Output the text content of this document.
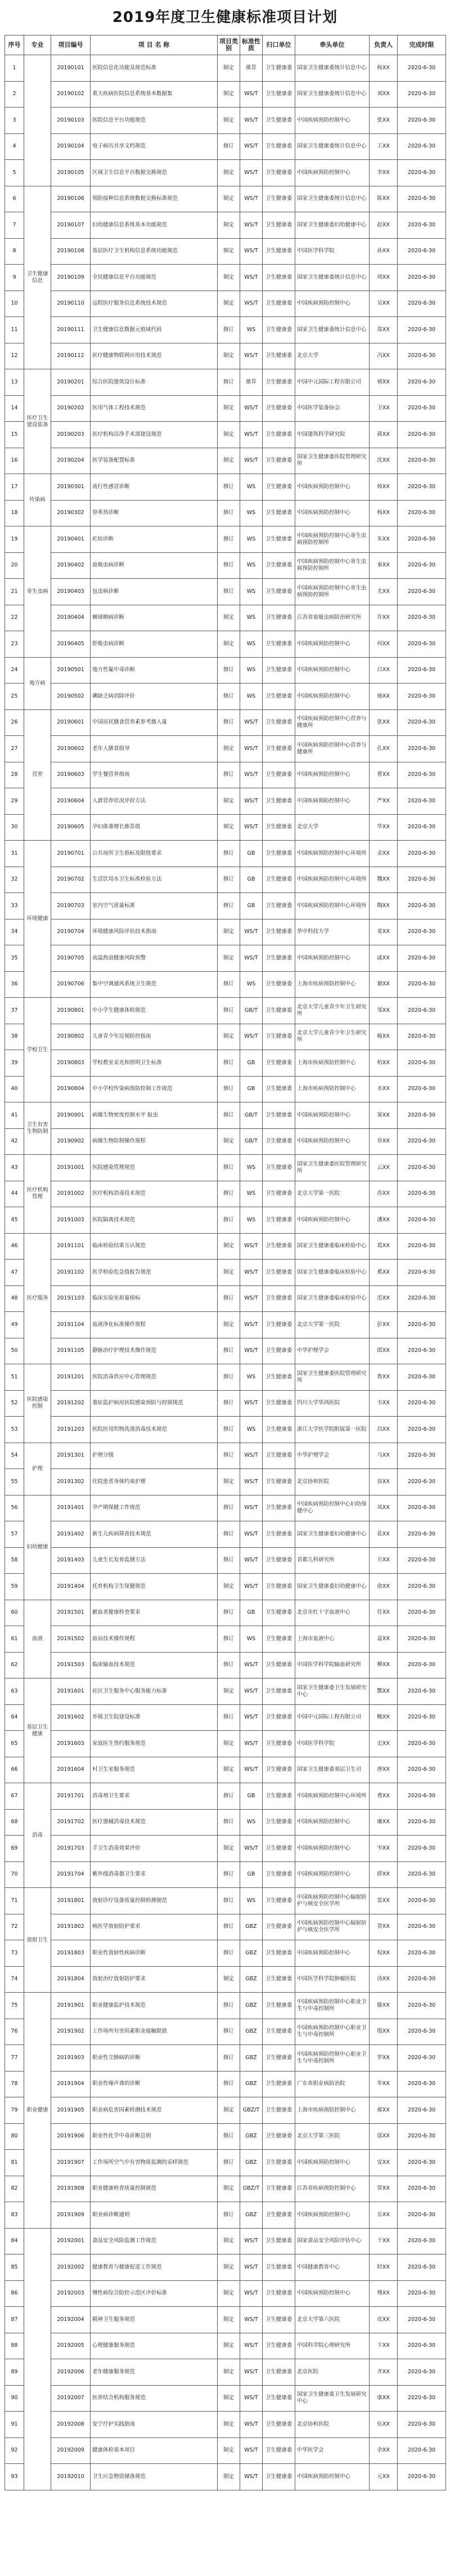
2019年度卫生健康标准项目计划
序号	专业	项目编号	项 目 名 称	项目类别	标准性质	归口单位	牵头单位	负责人	完成时限
1		20190101	医院信息化功能及规范标准	制定	推荐	卫生健康委	国家卫生健康委统计信息中心	杨XX	2020-6-30
2		20190102	重大疾病医院信息系统基本数据集	制定	WS/T	卫生健康委	国家卫生健康委统计信息中心	刘XX	2020-6-30
3		20190103	医院信息平台功能规范	制定	WS/T	卫生健康委	中国疾病预防控制中心	张XX	2020-6-30
4		20190104	电子病历共享文档规范	修订	WS/T	卫生健康委	国家卫生健康委统计信息中心	王XX	2020-6-30
5		20190105	区域卫生信息平台数据交换规范	制定	WS/T	卫生健康委	中国疾病预防控制中心	李XX	2020-6-30
6	卫生健康信息	20190106	预防接种信息系统数据交换标准规范	制定	WS/T	卫生健康委	国家卫生健康委统计信息中心	陈XX	2020-6-30
7		20190107	妇幼健康信息系统基本功能规范	制定	WS/T	卫生健康委	国家卫生健康委妇幼健康中心	赵XX	2020-6-30
8		20190108	基层医疗卫生机构信息系统功能规范	制定	WS/T	卫生健康委	中国医学科学院	孙XX	2020-6-30
9		20190109	全民健康信息平台功能规范	制定	WS/T	卫生健康委	国家卫生健康委统计信息中心	周XX	2020-6-30
10		20190110	远程医疗服务信息系统技术规范	制定	WS/T	卫生健康委	中国疾病预防控制中心	吴XX	2020-6-30
11		20190111	卫生健康信息数据元值域代码	修订	WS	卫生健康委	国家卫生健康委统计信息中心	郑XX	2020-6-30
12		20190112	医疗健康物联网应用技术规范	制定	WS/T	卫生健康委	北京大学	冯XX	2020-6-30
13	医疗卫生建设装备	20190201	综合医院建筑设计标准	修订	推荐	卫生健康委	中国中元国际工程有限公司	褚XX	2020-6-30
14		20190202	医用气体工程技术规范	制定	WS/T	卫生健康委	中国医学装备协会	卫XX	2020-6-30
15		20190203	医疗机构洁净手术部建设规范	制定	WS/T	卫生健康委	中国建筑科学研究院	蒋XX	2020-6-30
16		20190204	医学装备配置标准	制定	WS/T	卫生健康委	国家卫生健康委医院管理研究所	沈XX	2020-6-30
17	传染病	20190301	流行性感冒诊断	修订	WS	卫生健康委	中国疾病预防控制中心	韩XX	2020-6-30
18		20190302	登革热诊断	修订	WS	卫生健康委	中国疾病预防控制中心	杨XX	2020-6-30
19	寄生虫病	20190401	疟疾诊断	修订	WS	卫生健康委	中国疾病预防控制中心寄生虫病预防控制所	朱XX	2020-6-30
20		20190402	血吸虫病诊断	修订	WS	卫生健康委	中国疾病预防控制中心寄生虫病预防控制所	秦XX	2020-6-30
21		20190403	包虫病诊断	修订	WS	卫生健康委	中国疾病预防控制中心寄生虫病预防控制所	尤XX	2020-6-30
22		20190404	棘球蚴病诊断	制定	WS	卫生健康委	江苏省血吸虫病防治研究所	许XX	2020-6-30
23		20190405	肝吸虫病诊断	制定	WS	卫生健康委	中国疾病预防控制中心	何XX	2020-6-30
24	地方病	20190501	地方性氟中毒诊断	修订	WS	卫生健康委	中国疾病预防控制中心	吕XX	2020-6-30
25		20190502	碘缺乏病消除评价	修订	WS	卫生健康委	中国疾病预防控制中心	施XX	2020-6-30
26	营养	20190601	中国居民膳食营养素参考摄入量	修订	WS/T	卫生健康委	中国疾病预防控制中心营养与健康所	张XX	2020-6-30
27		20190602	老年人膳食指导	制定	WS/T	卫生健康委	中国疾病预防控制中心营养与健康所	孔XX	2020-6-30
28		20190603	学生餐营养指南	修订	WS/T	卫生健康委	中国疾病预防控制中心	曹XX	2020-6-30
29		20190604	人群营养状况评价方法	制定	WS/T	卫生健康委	中国疾病预防控制中心	严XX	2020-6-30
30		20190605	孕妇体重增长推荐值	制定	WS/T	卫生健康委	北京大学	华XX	2020-6-30
31	环境健康	20190701	公共场所卫生指标及限值要求	修订	GB	卫生健康委	中国疾病预防控制中心环境所	金XX	2020-6-30
32		20190702	生活饮用水卫生标准检验方法	修订	GB	卫生健康委	中国疾病预防控制中心环境所	魏XX	2020-6-30
33		20190703	室内空气质量标准	修订	GB	卫生健康委	中国疾病预防控制中心环境所	陶XX	2020-6-30
34		20190704	环境健康风险评估技术指南	制定	WS/T	卫生健康委	华中科技大学	姜XX	2020-6-30
35		20190705	高温热浪健康风险预警	制定	WS/T	卫生健康委	中国疾病预防控制中心	戚XX	2020-6-30
36		20190706	集中空调通风系统卫生规范	修订	WS	卫生健康委	上海市疾病预防控制中心	谢XX	2020-6-30
37	学校卫生	20190801	中小学生健康体检规范	修订	GB/T	卫生健康委	北京大学儿童青少年卫生研究所	邹XX	2020-6-30
38		20190802	儿童青少年近视防控指南	制定	WS/T	卫生健康委	北京大学儿童青少年卫生研究所	喻XX	2020-6-30
39		20190803	学校教室采光和照明卫生标准	修订	GB	卫生健康委	上海市疾病预防控制中心	柏XX	2020-6-30
40		20190804	中小学校传染病预防控制工作规范	修订	GB	卫生健康委	上海市疾病预防控制中心	水XX	2020-6-30
41	卫生有害生物防制	20190901	病媒生物密度控制水平 蚊虫	修订	GB/T	卫生健康委	中国疾病预防控制中心	窦XX	2020-6-30
42		20190902	病媒生物防制操作规程	制定	GB/T	卫生健康委	中国疾病预防控制中心	章XX	2020-6-30
43	医疗机构管理	20191001	医院感染管理规范	修订	WS	卫生健康委	国家卫生健康委医院管理研究所	云XX	2020-6-30
44		20191002	医疗机构消毒技术规范	修订	WS	卫生健康委	北京大学第一医院	苏XX	2020-6-30
45		20191003	医院隔离技术规范	修订	WS	卫生健康委	中国疾病预防控制中心	潘XX	2020-6-30
46	医疗服务	20191101	临床检验结果互认规范	制定	WS/T	卫生健康委	国家卫生健康委临床检验中心	葛XX	2020-6-30
47		20191102	医学检验危急值报告规范	制定	WS/T	卫生健康委	国家卫生健康委临床检验中心	奚XX	2020-6-30
48		20191103	临床实验室质量指标	修订	WS/T	卫生健康委	国家卫生健康委临床检验中心	范XX	2020-6-30
49		20191104	血液净化标准操作规程	制定	WS/T	卫生健康委	北京大学第一医院	彭XX	2020-6-30
50		20191105	静脉治疗护理技术操作规范	修订	WS/T	卫生健康委	中华护理学会	郎XX	2020-6-30
51	医院感染控制	20191201	医院消毒供应中心管理规范	修订	WS	卫生健康委	国家卫生健康委医院管理研究所	鲁XX	2020-6-30
52		20191202	重症监护病房医院感染预防与控制规范	修订	WS/T	卫生健康委	四川大学华西医院	韦XX	2020-6-30
53		20191203	医院医用织物洗涤消毒技术规范	修订	WS	卫生健康委	浙江大学医学院附属第一医院	昌XX	2020-6-30
54	护理	20191301	护理分级	修订	WS/T	卫生健康委	中华护理学会	马XX	2020-6-30
55		20191302	住院患者身体约束护理	制定	WS/T	卫生健康委	北京协和医院	苗XX	2020-6-30
56	妇幼健康	20191401	孕产期保健工作规范	修订	WS/T	卫生健康委	中国疾病预防控制中心妇幼保健中心	凤XX	2020-6-30
57		20191402	新生儿疾病筛查技术规范	修订	WS/T	卫生健康委	国家卫生健康委妇幼健康中心	花XX	2020-6-30
58		20191403	儿童生长发育监测方法	修订	WS/T	卫生健康委	首都儿科研究所	方XX	2020-6-30
59		20191404	托育机构卫生保健规范	制定	WS/T	卫生健康委	国家卫生健康委妇幼健康中心	俞XX	2020-6-30
60	血液	20191501	献血者健康检查要求	修订	GB	卫生健康委	北京市红十字血液中心	任XX	2020-6-30
61		20191502	血站技术操作规程	修订	WS	卫生健康委	上海市血液中心	袁XX	2020-6-30
62		20191503	临床输血技术规范	修订	WS/T	卫生健康委	中国医学科学院输血研究所	柳XX	2020-6-30
63	基层卫生健康	20191601	社区卫生服务中心服务能力标准	制定	WS/T	卫生健康委	国家卫生健康委卫生发展研究中心	酆XX	2020-6-30
64		20191602	乡镇卫生院建设标准	修订	WS/T	卫生健康委	中国中元国际工程有限公司	鲍XX	2020-6-30
65		20191603	家庭医生签约服务规范	制定	WS/T	卫生健康委	中国医学科学院	史XX	2020-6-30
66		20191604	村卫生室服务规范	制定	WS/T	卫生健康委	国家卫生健康委基层卫生司	唐XX	2020-6-30
67	消毒	20191701	消毒剂卫生要求	修订	GB	卫生健康委	中国疾病预防控制中心环境所	费XX	2020-6-30
68		20191702	医疗器械消毒技术规范	修订	WS	卫生健康委	中国疾病预防控制中心	廉XX	2020-6-30
69		20191703	手卫生消毒效果评价	制定	WS/T	卫生健康委	中国疾病预防控制中心	岑XX	2020-6-30
70		20191704	紫外线消毒器卫生要求	修订	GB	卫生健康委	中国疾病预防控制中心	薛XX	2020-6-30
71	放射卫生	20191801	放射诊疗设备质量控制检测规范	修订	WS	卫生健康委	中国疾病预防控制中心辐射防护与核安全医学所	雷XX	2020-6-30
72		20191802	核医学放射防护要求	修订	GBZ	卫生健康委	中国疾病预防控制中心辐射防护与核安全医学所	贺XX	2020-6-30
73		20191803	职业性放射性疾病诊断	修订	GBZ	卫生健康委	中国疾病预防控制中心	倪XX	2020-6-30
74		20191804	放射治疗放射防护要求	制定	GBZ	卫生健康委	中国医学科学院肿瘤医院	汤XX	2020-6-30
75	职业健康	20191901	职业健康监护技术规范	修订	GBZ	卫生健康委	中国疾病预防控制中心职业卫生与中毒控制所	滕XX	2020-6-30
76		20191902	工作场所有害因素职业接触限值	修订	GBZ	卫生健康委	中国疾病预防控制中心职业卫生与中毒控制所	殷XX	2020-6-30
77		20191903	职业性尘肺病的诊断	修订	GBZ	卫生健康委	中国疾病预防控制中心职业卫生与中毒控制所	罗XX	2020-6-30
78		20191904	职业性噪声聋的诊断	修订	GBZ	卫生健康委	广东省职业病防治院	毕XX	2020-6-30
79		20191905	职业病危害因素检测技术规范	制定	GBZ/T	卫生健康委	上海市疾病预防控制中心	郝XX	2020-6-30
80		20191906	职业性化学中毒诊断总则	修订	GBZ	卫生健康委	北京大学第三医院	邬XX	2020-6-30
81		20191907	工作场所空气中有害物质监测的采样规范	修订	GBZ	卫生健康委	中国疾病预防控制中心	安XX	2020-6-30
82		20191908	职业健康检查质量控制规范	制定	GBZ/T	卫生健康委	江苏省疾病预防控制中心	常XX	2020-6-30
83		20191909	职业病诊断通则	修订	GBZ	卫生健康委	中国疾病预防控制中心	乐XX	2020-6-30
84		20192001	食品安全风险监测工作规范	制定	WS/T	卫生健康委	国家食品安全风险评估中心	于XX	2020-6-30
85		20192002	健康教育与健康促进工作规范	制定	WS/T	卫生健康委	中国健康教育中心	时XX	2020-6-30
86		20192003	慢性病综合防控示范区评价标准	制定	WS/T	卫生健康委	中国疾病预防控制中心	傅XX	2020-6-30
87		20192004	精神卫生服务规范	制定	WS/T	卫生健康委	北京大学第六医院	皮XX	2020-6-30
88		20192005	心理健康服务规范	制定	WS/T	卫生健康委	中国科学院心理研究所	卞XX	2020-6-30
89		20192006	老年健康服务规范	制定	WS/T	卫生健康委	北京医院	齐XX	2020-6-30
90		20192007	医养结合机构服务规范	制定	WS/T	卫生健康委	国家卫生健康委卫生发展研究中心	康XX	2020-6-30
91		20192008	安宁疗护实践指南	制定	WS/T	卫生健康委	北京协和医院	伍XX	2020-6-30
92		20192009	健康体检基本项目	制定	WS/T	卫生健康委	中华医学会	余XX	2020-6-30
93		20192010	卫生应急物资储备规范	制定	WS/T	卫生健康委	中国疾病预防控制中心	元XX	2020-6-30
